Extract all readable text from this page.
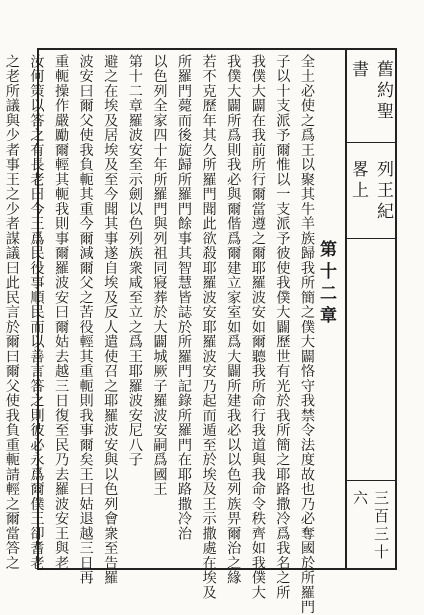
全土必使之爲王以聚其牛羊族歸我所簡之僕大闢恪守我禁令法度故也乃必奪國於所羅門
子以十支派予爾惟以一支派予彼使我僕大闢歷世有光於我所簡之耶路撒冷爲我名之所
我僕大闢在我前所行爾當遵之爾耶羅波安如爾聽我所命行我道與我命令秩齊如我僕大
我僕大闢所爲則我必與爾偕爲爾建立家室如爲大闢所建我必以以色列族畀爾治之緣
若不克歷年其久所羅門聞此欲殺耶羅波安耶羅波安乃起而遁至於埃及王示撒處在埃及
所羅門薨而後旋歸所羅門餘事其智慧皆誌於所羅門記錄所羅門在耶路撒冷治
以色列全家四十年所羅門與列祖同寢葬於大闢城厥子羅波安嗣爲國王
第十二章羅波安至示劍以色列族衆咸至立之爲王耶羅波安尼八子
避之在埃及居埃及至今聞其事遂自埃及反人遣使召之耶羅波安與以色列會衆至告羅
波安曰爾父使我負軛其重今爾減爾父之苦役輕其重軛則我事爾矣王曰姑退越三日再
重軛操作嚴勵爾輕其軛我則事爾羅波安曰爾姑去越三日復至民乃去羅波安王與老
汝何策以答之有長老曰今王爲民役事順民而以善言答之則彼必永爲爾僕王卻耆老
之老所議與少者事王之少者謀議曰此民言於爾曰爾父使我負重軛請輕之爾當答之	第十二章
舊約聖書
列王紀畧上
三百三十六
